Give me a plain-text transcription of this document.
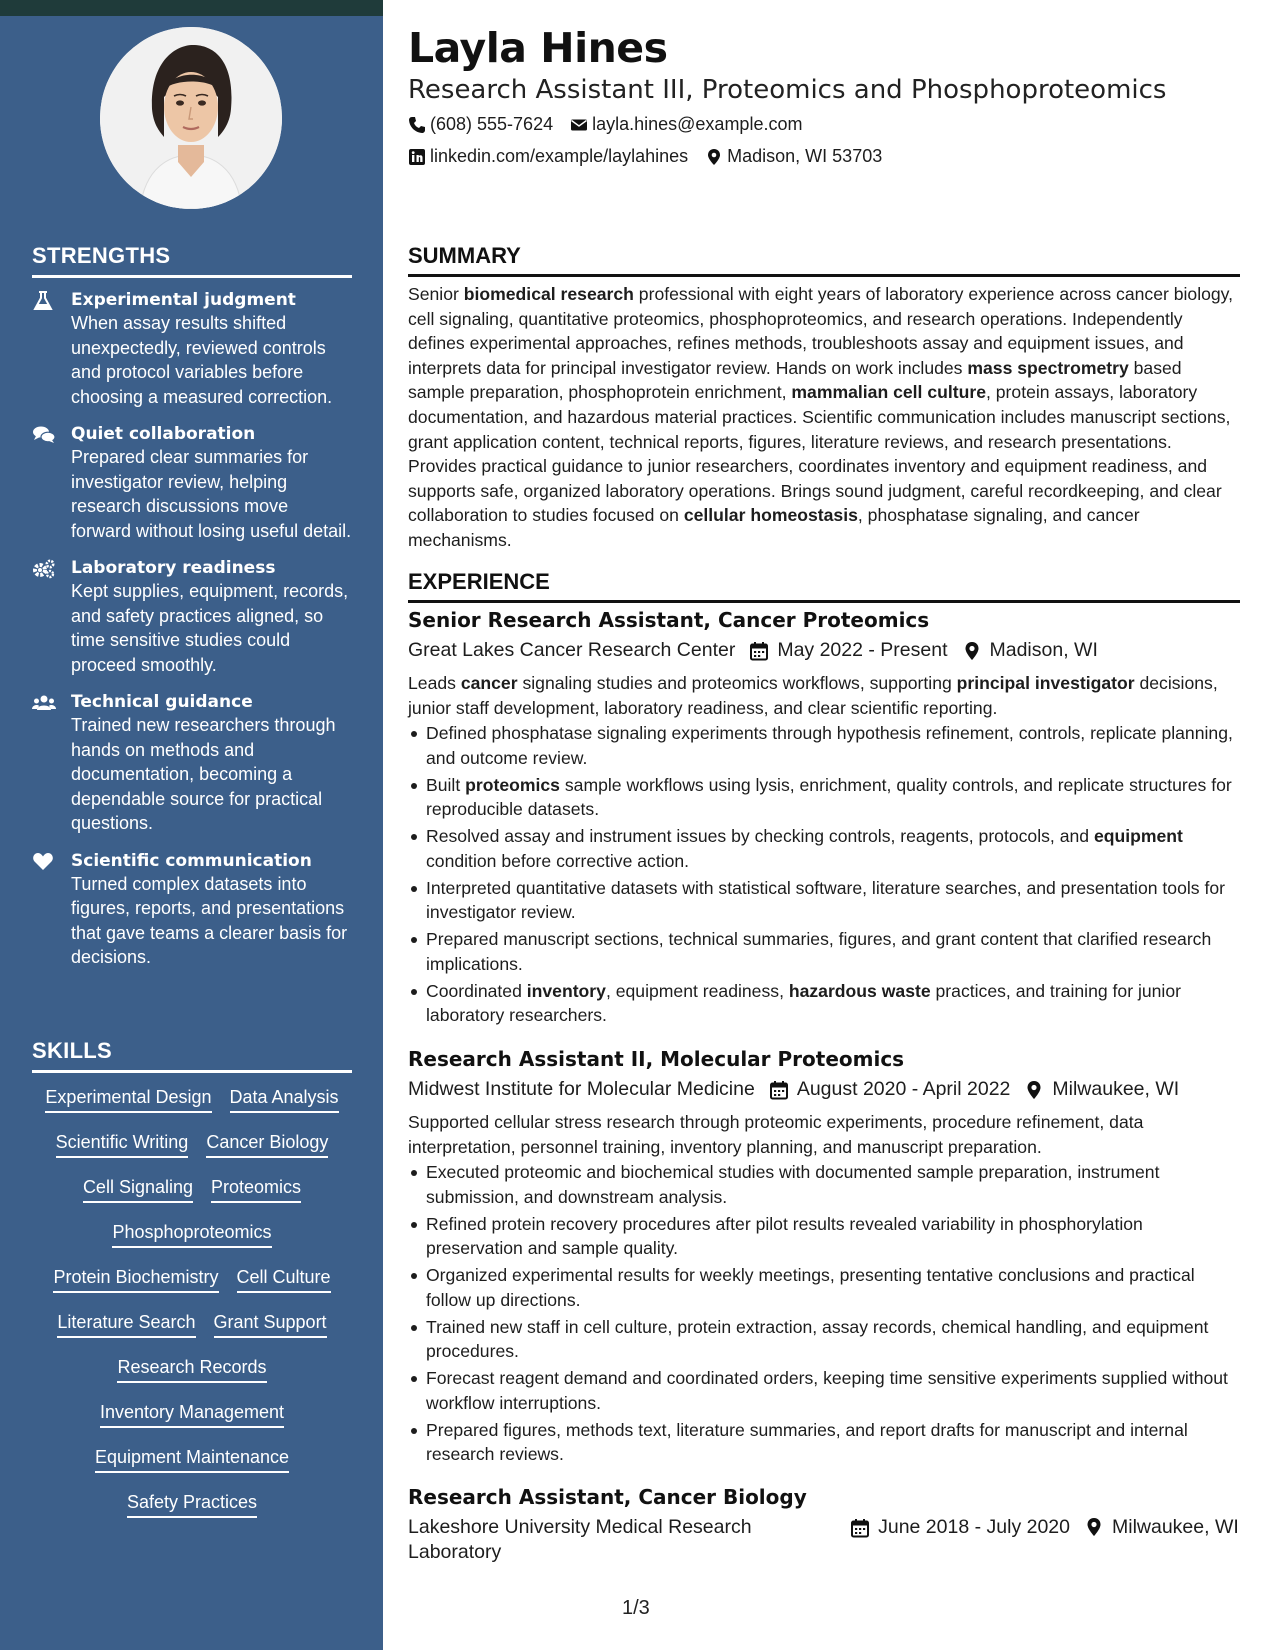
STRENGTHS
Experimental judgment
When assay results shifted unexpectedly, reviewed controls and protocol variables before choosing a measured correction.
Quiet collaboration
Prepared clear summaries for investigator review, helping research discussions move forward without losing useful detail.
Laboratory readiness
Kept supplies, equipment, records, and safety practices aligned, so time sensitive studies could proceed smoothly.
Technical guidance
Trained new researchers through hands on methods and documentation, becoming a dependable source for practical questions.
Scientific communication
Turned complex datasets into figures, reports, and presentations that gave teams a clearer basis for decisions.
SKILLS
Experimental Design Data Analysis
Scientific Writing Cancer Biology
Cell Signaling Proteomics
Phosphoproteomics
Protein Biochemistry Cell Culture
Literature Search Grant Support
Research Records
Inventory Management
Equipment Maintenance
Safety Practices
Layla Hines
Research Assistant III, Proteomics and Phosphoproteomics
(608) 555-7624 layla.hines@example.com
linkedin.com/example/laylahines Madison, WI 53703
SUMMARY

Senior biomedical research professional with eight years of laboratory experience across cancer biology, cell signaling, quantitative proteomics, phosphoproteomics, and research operations. Independently defines experimental approaches, refines methods, troubleshoots assay and equipment issues, and interprets data for principal investigator review. Hands on work includes mass spectrometry based sample preparation, phosphoprotein enrichment, mammalian cell culture, protein assays, laboratory documentation, and hazardous material practices. Scientific communication includes manuscript sections, grant application content, technical reports, figures, literature reviews, and research presentations. Provides practical guidance to junior researchers, coordinates inventory and equipment readiness, and supports safe, organized laboratory operations. Brings sound judgment, careful recordkeeping, and clear collaboration to studies focused on cellular homeostasis, phosphatase signaling, and cancer mechanisms.

EXPERIENCE
Senior Research Assistant, Cancer Proteomics
Great Lakes Cancer Research Center May 2022 - Present Madison, WI

Leads cancer signaling studies and proteomics workflows, supporting principal investigator decisions, junior staff development, laboratory readiness, and clear scientific reporting.

Defined phosphatase signaling experiments through hypothesis refinement, controls, replicate planning, and outcome review.
Built proteomics sample workflows using lysis, enrichment, quality controls, and replicate structures for reproducible datasets.
Resolved assay and instrument issues by checking controls, reagents, protocols, and equipment condition before corrective action.
Interpreted quantitative datasets with statistical software, literature searches, and presentation tools for investigator review.
Prepared manuscript sections, technical summaries, figures, and grant content that clarified research implications.
Coordinated inventory, equipment readiness, hazardous waste practices, and training for junior laboratory researchers.
Research Assistant II, Molecular Proteomics
Midwest Institute for Molecular Medicine August 2020 - April 2022 Milwaukee, WI

Supported cellular stress research through proteomic experiments, procedure refinement, data interpretation, personnel training, inventory planning, and manuscript preparation.

Executed proteomic and biochemical studies with documented sample preparation, instrument submission, and downstream analysis.
Refined protein recovery procedures after pilot results revealed variability in phosphorylation preservation and sample quality.
Organized experimental results for weekly meetings, presenting tentative conclusions and practical follow up directions.
Trained new staff in cell culture, protein extraction, assay records, chemical handling, and equipment procedures.
Forecast reagent demand and coordinated orders, keeping time sensitive experiments supplied without workflow interruptions.
Prepared figures, methods text, literature summaries, and report drafts for manuscript and internal research reviews.
Research Assistant, Cancer Biology
Lakeshore University Medical Research Laboratory
June 2018 - July 2020 Milwaukee, WI
1/3
